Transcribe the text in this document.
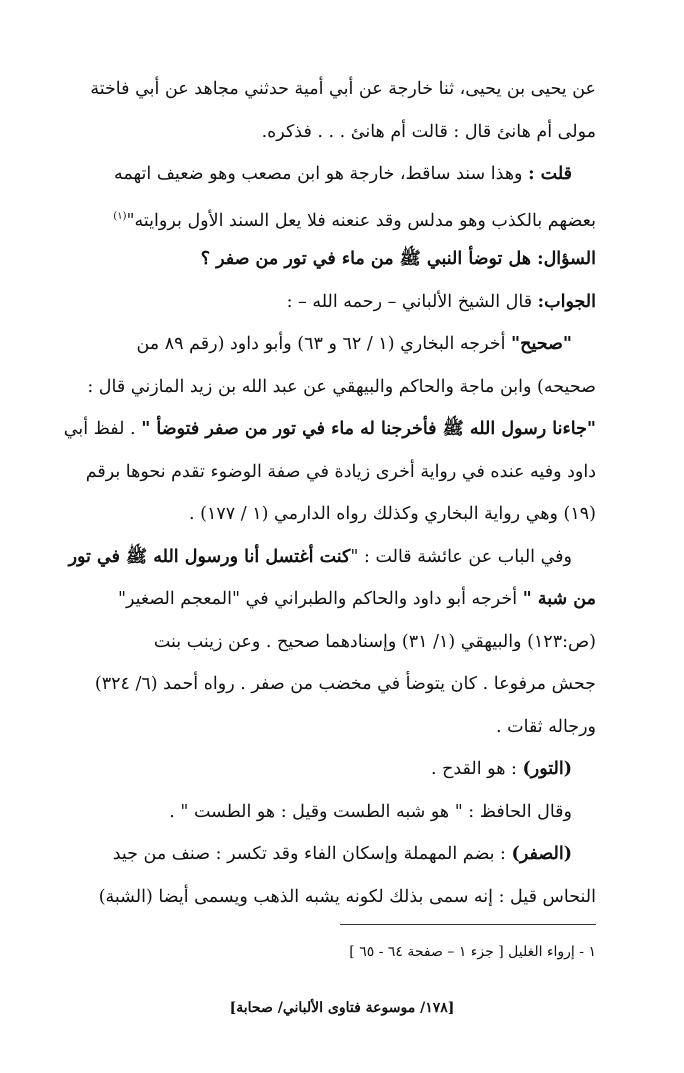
عن يحيى بن يحيى، ثنا خارجة عن أبي أمية حدثني مجاهد عن أبي فاختة
مولى أم هانئ قال : قالت أم هانئ . . . فذكره.
قلت : وهذا سند ساقط، خارجة هو ابن مصعب وهو ضعيف اتهمه
بعضهم بالكذب وهو مدلس وقد عنعنه فلا يعل السند الأول بروايته"$^{(١)}$
السؤال: هل توضأ النبي ﷺ من ماء في تور من صفر ؟
الجواب: قال الشيخ الألباني – رحمه الله – :
"صحيح" أخرجه البخاري (١ / ٦٢ و ٦٣) وأبو داود (رقم ٨٩ من
صحيحه) وابن ماجة والحاكم والبيهقي عن عبد الله بن زيد المازني قال :
"جاءنا رسول الله ﷺ فأخرجنا له ماء في تور من صفر فتوضأ " . لفظ أبي
داود وفيه عنده في رواية أخرى زيادة في صفة الوضوء تقدم نحوها برقم
(١٩) وهي رواية البخاري وكذلك رواه الدارمي (١ / ١٧٧) .
وفي الباب عن عائشة قالت : "كنت أغتسل أنا ورسول الله ﷺ في تور
من شبة " أخرجه أبو داود والحاكم والطبراني في "المعجم الصغير"
(ص:١٢٣) والبيهقي (١/ ٣١) وإسنادهما صحيح . وعن زينب بنت
جحش مرفوعا . كان يتوضأ في مخضب من صفر . رواه أحمد (٦/ ٣٢٤)
ورجاله ثقات .
(التور) : هو القدح .
وقال الحافظ : " هو شبه الطست وقيل : هو الطست " .
(الصفر) : بضم المهملة وإسكان الفاء وقد تكسر : صنف من جيد
النحاس قيل : إنه سمى بذلك لكونه يشبه الذهب ويسمى أيضا (الشبة)
١ - إرواء الغليل [ جزء ١ – صفحة ٦٤ - ٦٥ ]
[١٧٨/ موسوعة فتاوى الألباني/ صحابة]
